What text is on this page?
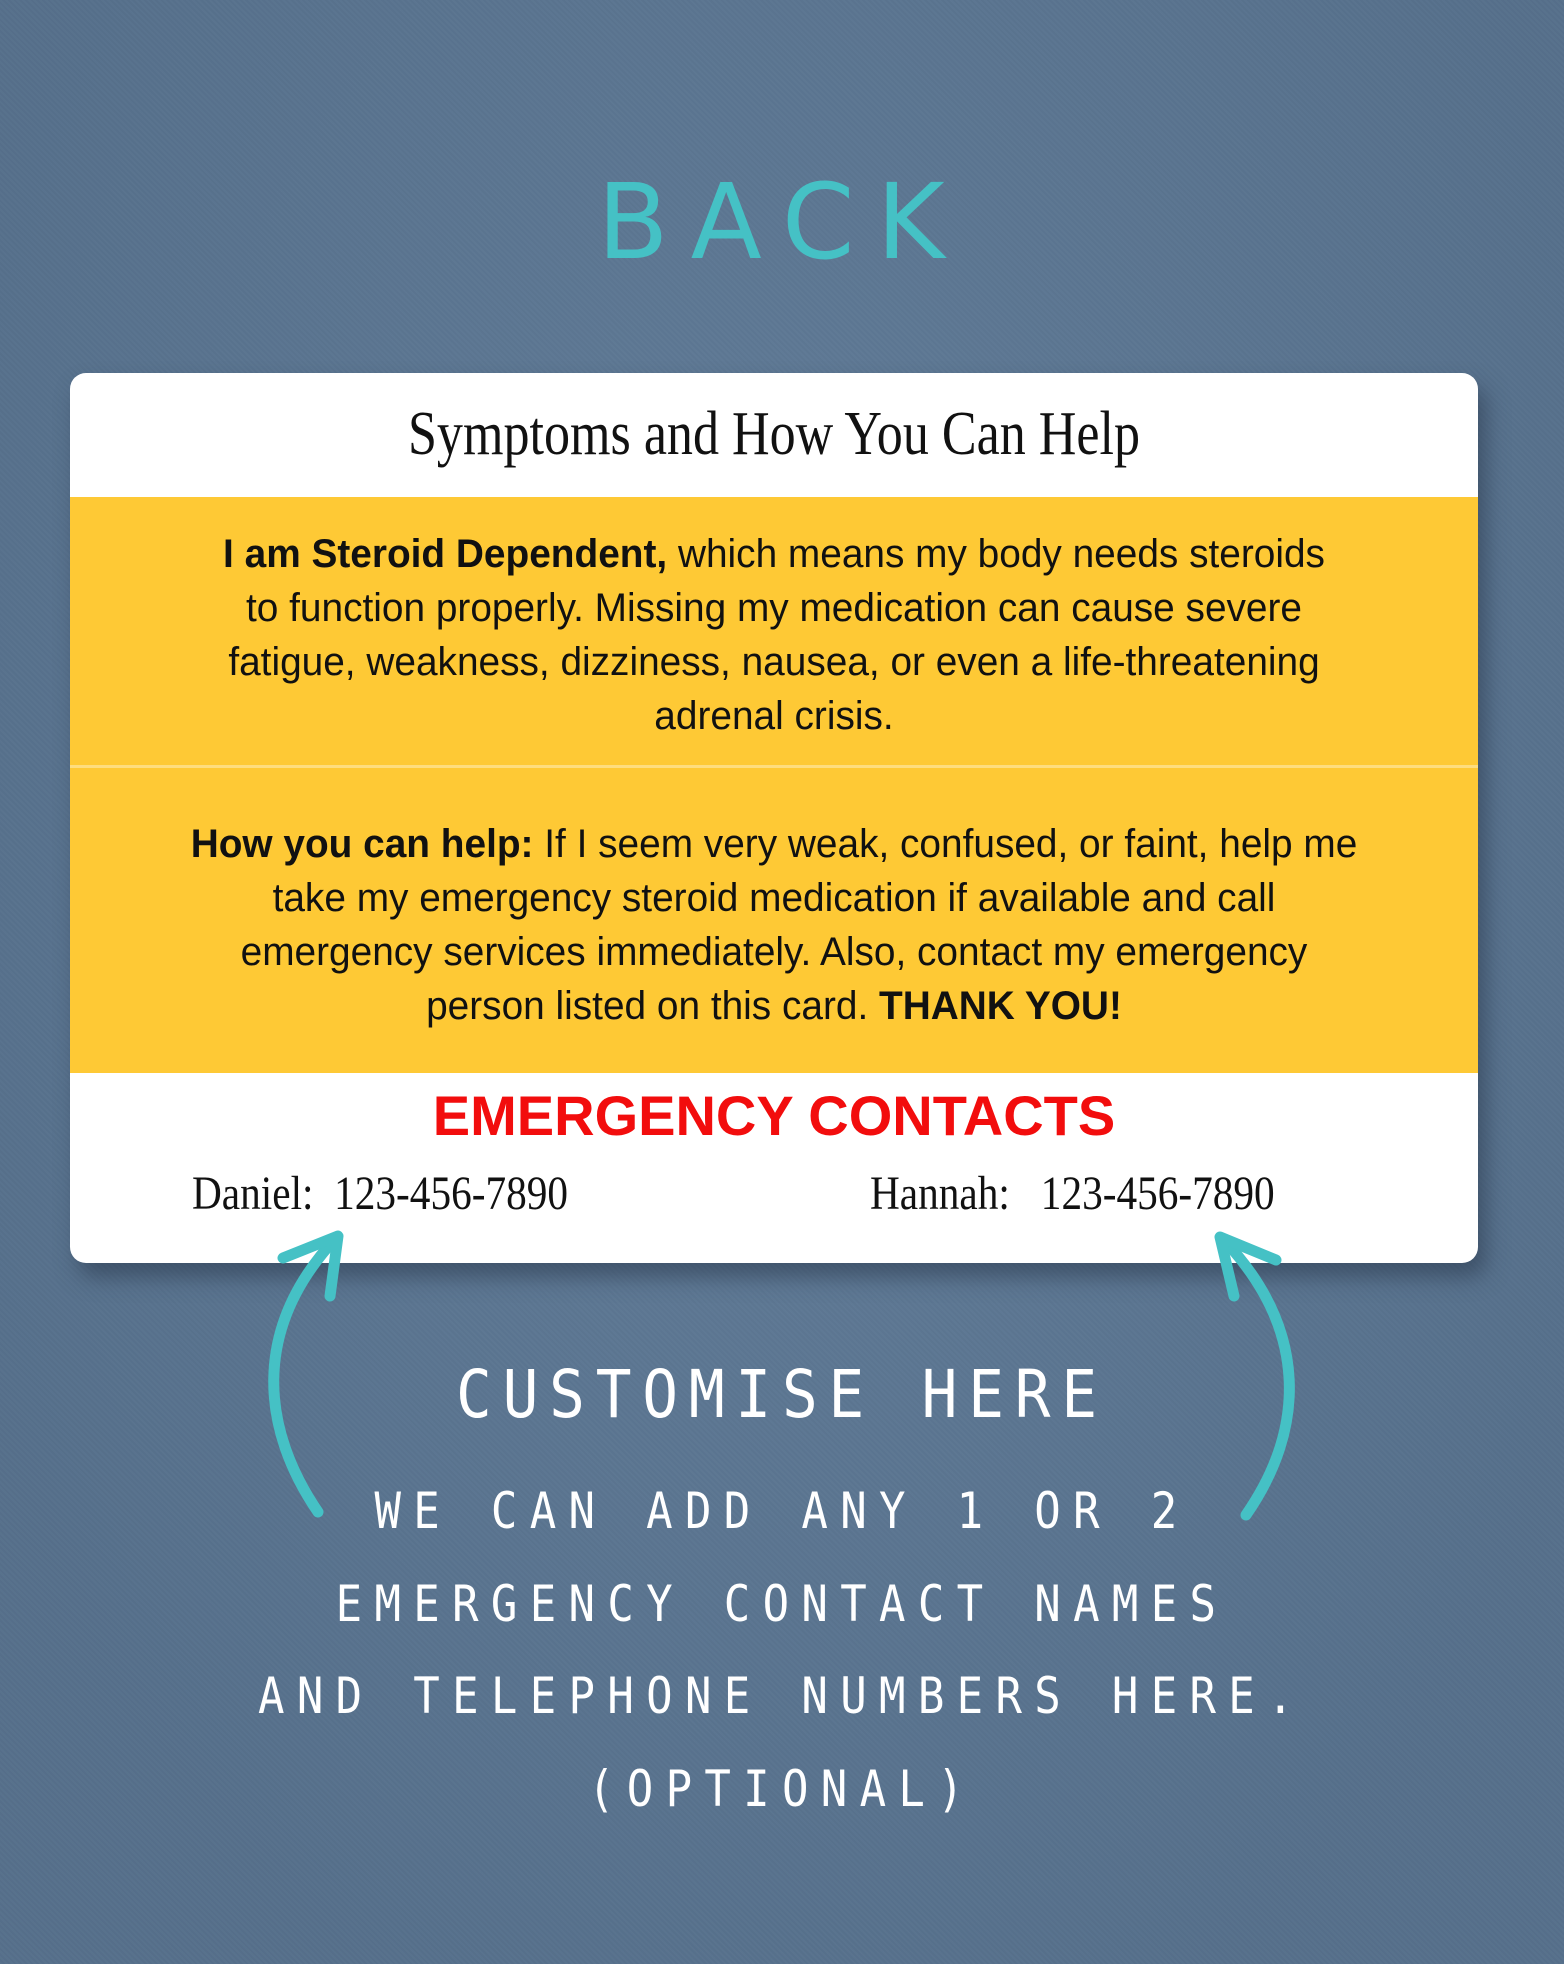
BACK
Symptoms and How You Can Help
I am Steroid Dependent, which means my body needs steroids to function properly. Missing my medication can cause severe fatigue, weakness, dizziness, nausea, or even a life-threatening adrenal crisis.
How you can help: If I seem very weak, confused, or faint, help me take my emergency steroid medication if available and call emergency services immediately. Also, contact my emergency person listed on this card. THANK YOU!
EMERGENCY CONTACTS
Daniel: 123-456-7890	Hannah: 123-456-7890
CUSTOMISE HERE
WE CAN ADD ANY 1 OR 2
EMERGENCY CONTACT NAMES
AND TELEPHONE NUMBERS HERE.
(OPTIONAL)
